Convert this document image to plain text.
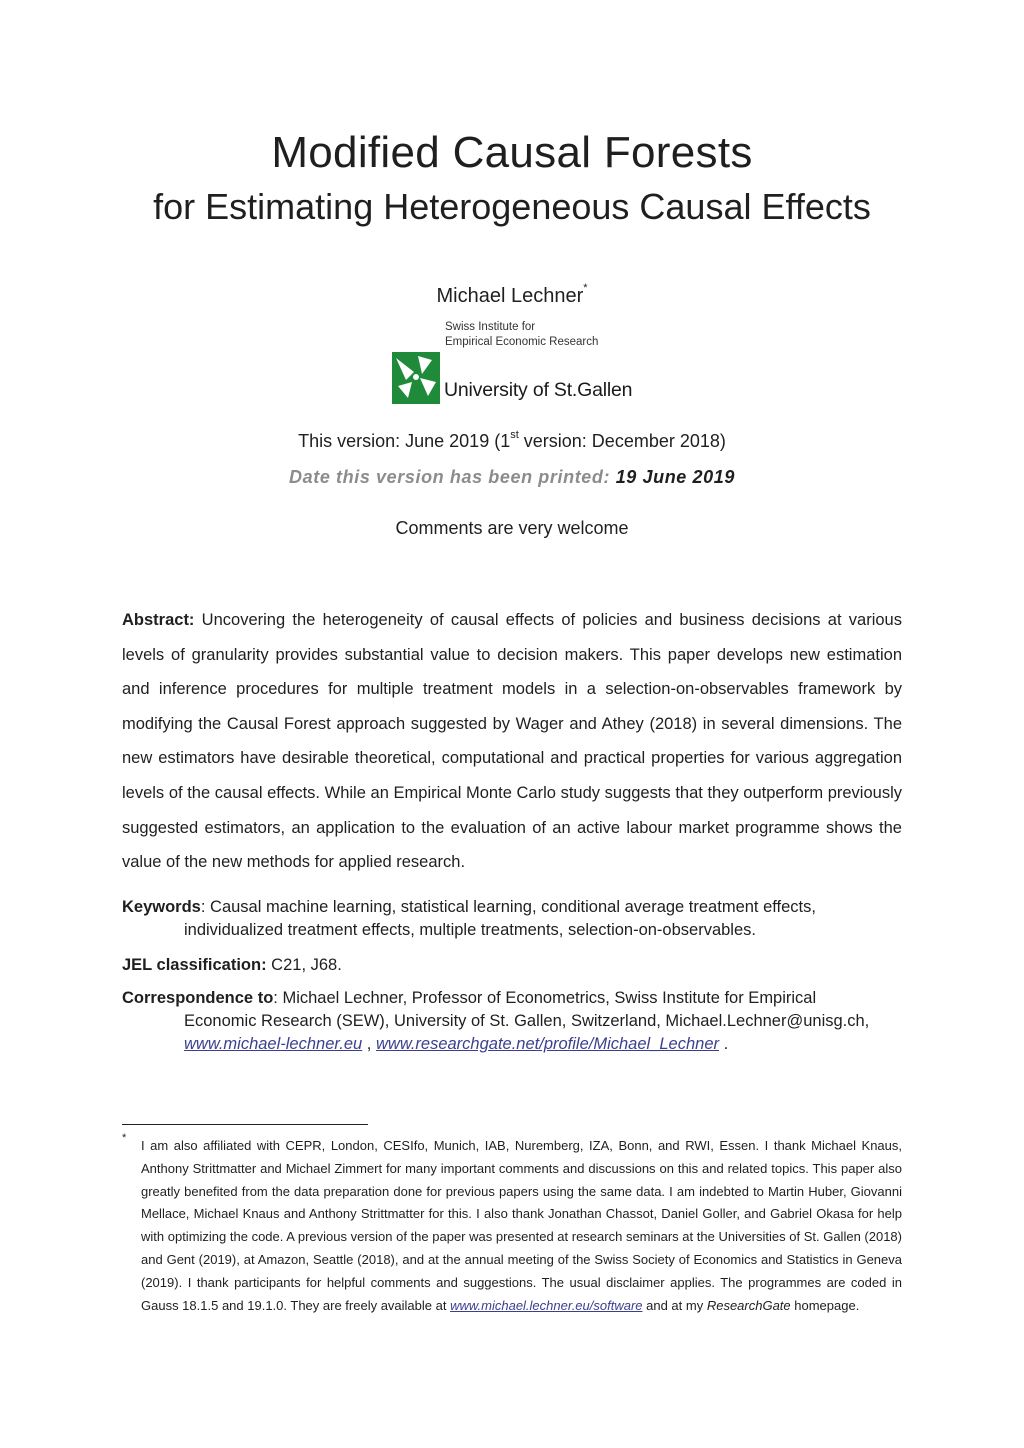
Modified Causal Forests
for Estimating Heterogeneous Causal Effects
Michael Lechner*
Swiss Institute for
Empirical Economic Research
University of St.Gallen
This version: June 2019 (1st version: December 2018)
Date this version has been printed: 19 June 2019
Comments are very welcome
Abstract: Uncovering the heterogeneity of causal effects of policies and business decisions at various levels of granularity provides substantial value to decision makers. This paper develops new estimation and inference procedures for multiple treatment models in a selection-on-observables framework by modifying the Causal Forest approach suggested by Wager and Athey (2018) in several dimensions. The new estimators have desirable theoretical, computational and practical properties for various aggregation levels of the causal effects. While an Empirical Monte Carlo study suggests that they outperform previously suggested estimators, an application to the evaluation of an active labour market programme shows the value of the new methods for applied research.
Keywords: Causal machine learning, statistical learning, conditional average treatment effects, individualized treatment effects, multiple treatments, selection-on-observables.
JEL classification: C21, J68.
Correspondence to: Michael Lechner, Professor of Econometrics, Swiss Institute for Empirical Economic Research (SEW), University of St. Gallen, Switzerland, Michael.Lechner@unisg.ch, www.michael-lechner.eu , www.researchgate.net/profile/Michael_Lechner .
* I am also affiliated with CEPR, London, CESIfo, Munich, IAB, Nuremberg, IZA, Bonn, and RWI, Essen. I thank Michael Knaus, Anthony Strittmatter and Michael Zimmert for many important comments and discussions on this and related topics. This paper also greatly benefited from the data preparation done for previous papers using the same data. I am indebted to Martin Huber, Giovanni Mellace, Michael Knaus and Anthony Strittmatter for this. I also thank Jonathan Chassot, Daniel Goller, and Gabriel Okasa for help with optimizing the code. A previous version of the paper was presented at research seminars at the Universities of St. Gallen (2018) and Gent (2019), at Amazon, Seattle (2018), and at the annual meeting of the Swiss Society of Economics and Statistics in Geneva (2019). I thank participants for helpful comments and suggestions. The usual disclaimer applies. The programmes are coded in Gauss 18.1.5 and 19.1.0. They are freely available at www.michael.lechner.eu/software and at my ResearchGate homepage.
